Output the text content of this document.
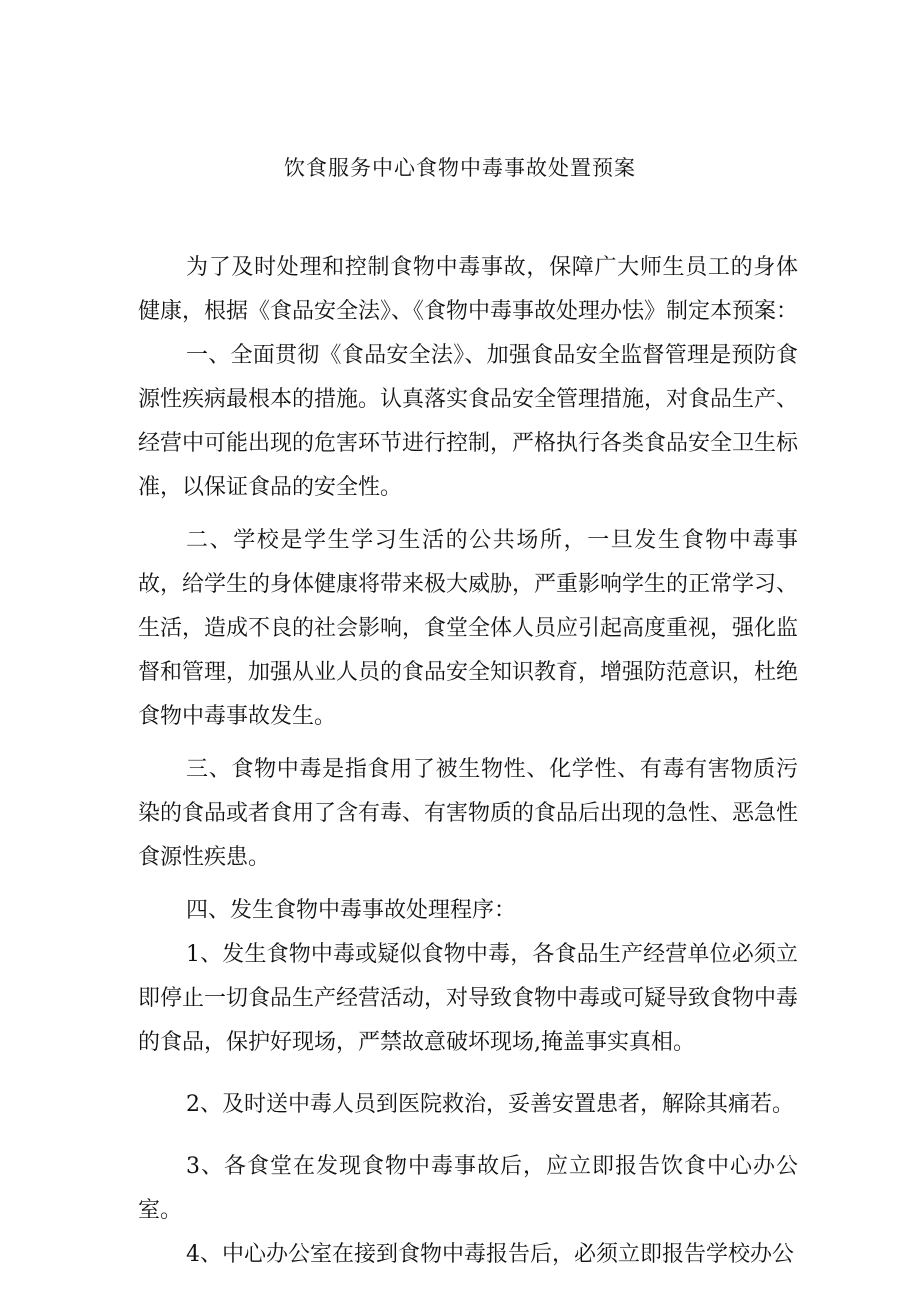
饮食服务中心食物中毒事故处置预案

为了及时处理和控制食物中毒事故，保障广大师生员工的身体健康，根据《食品安全法》、《食物中毒事故处理办怯》制定本预案：

一、全面贯彻《食品安全法》、加强食品安全监督管理是预防食源性疾病最根本的措施。认真落实食品安全管理措施，对食品生产、经营中可能出现的危害环节进行控制，严格执行各类食品安全卫生标准，以保证食品的安全性。

二、学校是学生学习生活的公共场所，一旦发生食物中毒事故，给学生的身体健康将带来极大威胁，严重影响学生的正常学习、生活，造成不良的社会影响，食堂全体人员应引起高度重视，强化监督和管理，加强从业人员的食品安全知识教育，增强防范意识，杜绝食物中毒事故发生。

三、食物中毒是指食用了被生物性、化学性、有毒有害物质污染的食品或者食用了含有毒、有害物质的食品后出现的急性、恶急性食源性疾患。

四、发生食物中毒事故处理程序：

1、发生食物中毒或疑似食物中毒，各食品生产经营单位必须立即停止一切食品生产经营活动，对导致食物中毒或可疑导致食物中毒的食品，保护好现场，严禁故意破坏现场,掩盖事实真相。

2、及时送中毒人员到医院救治，妥善安置患者，解除其痛若。

3、各食堂在发现食物中毒事故后，应立即报告饮食中心办公室。

4、中心办公室在接到食物中毒报告后，必须立即报告学校办公
